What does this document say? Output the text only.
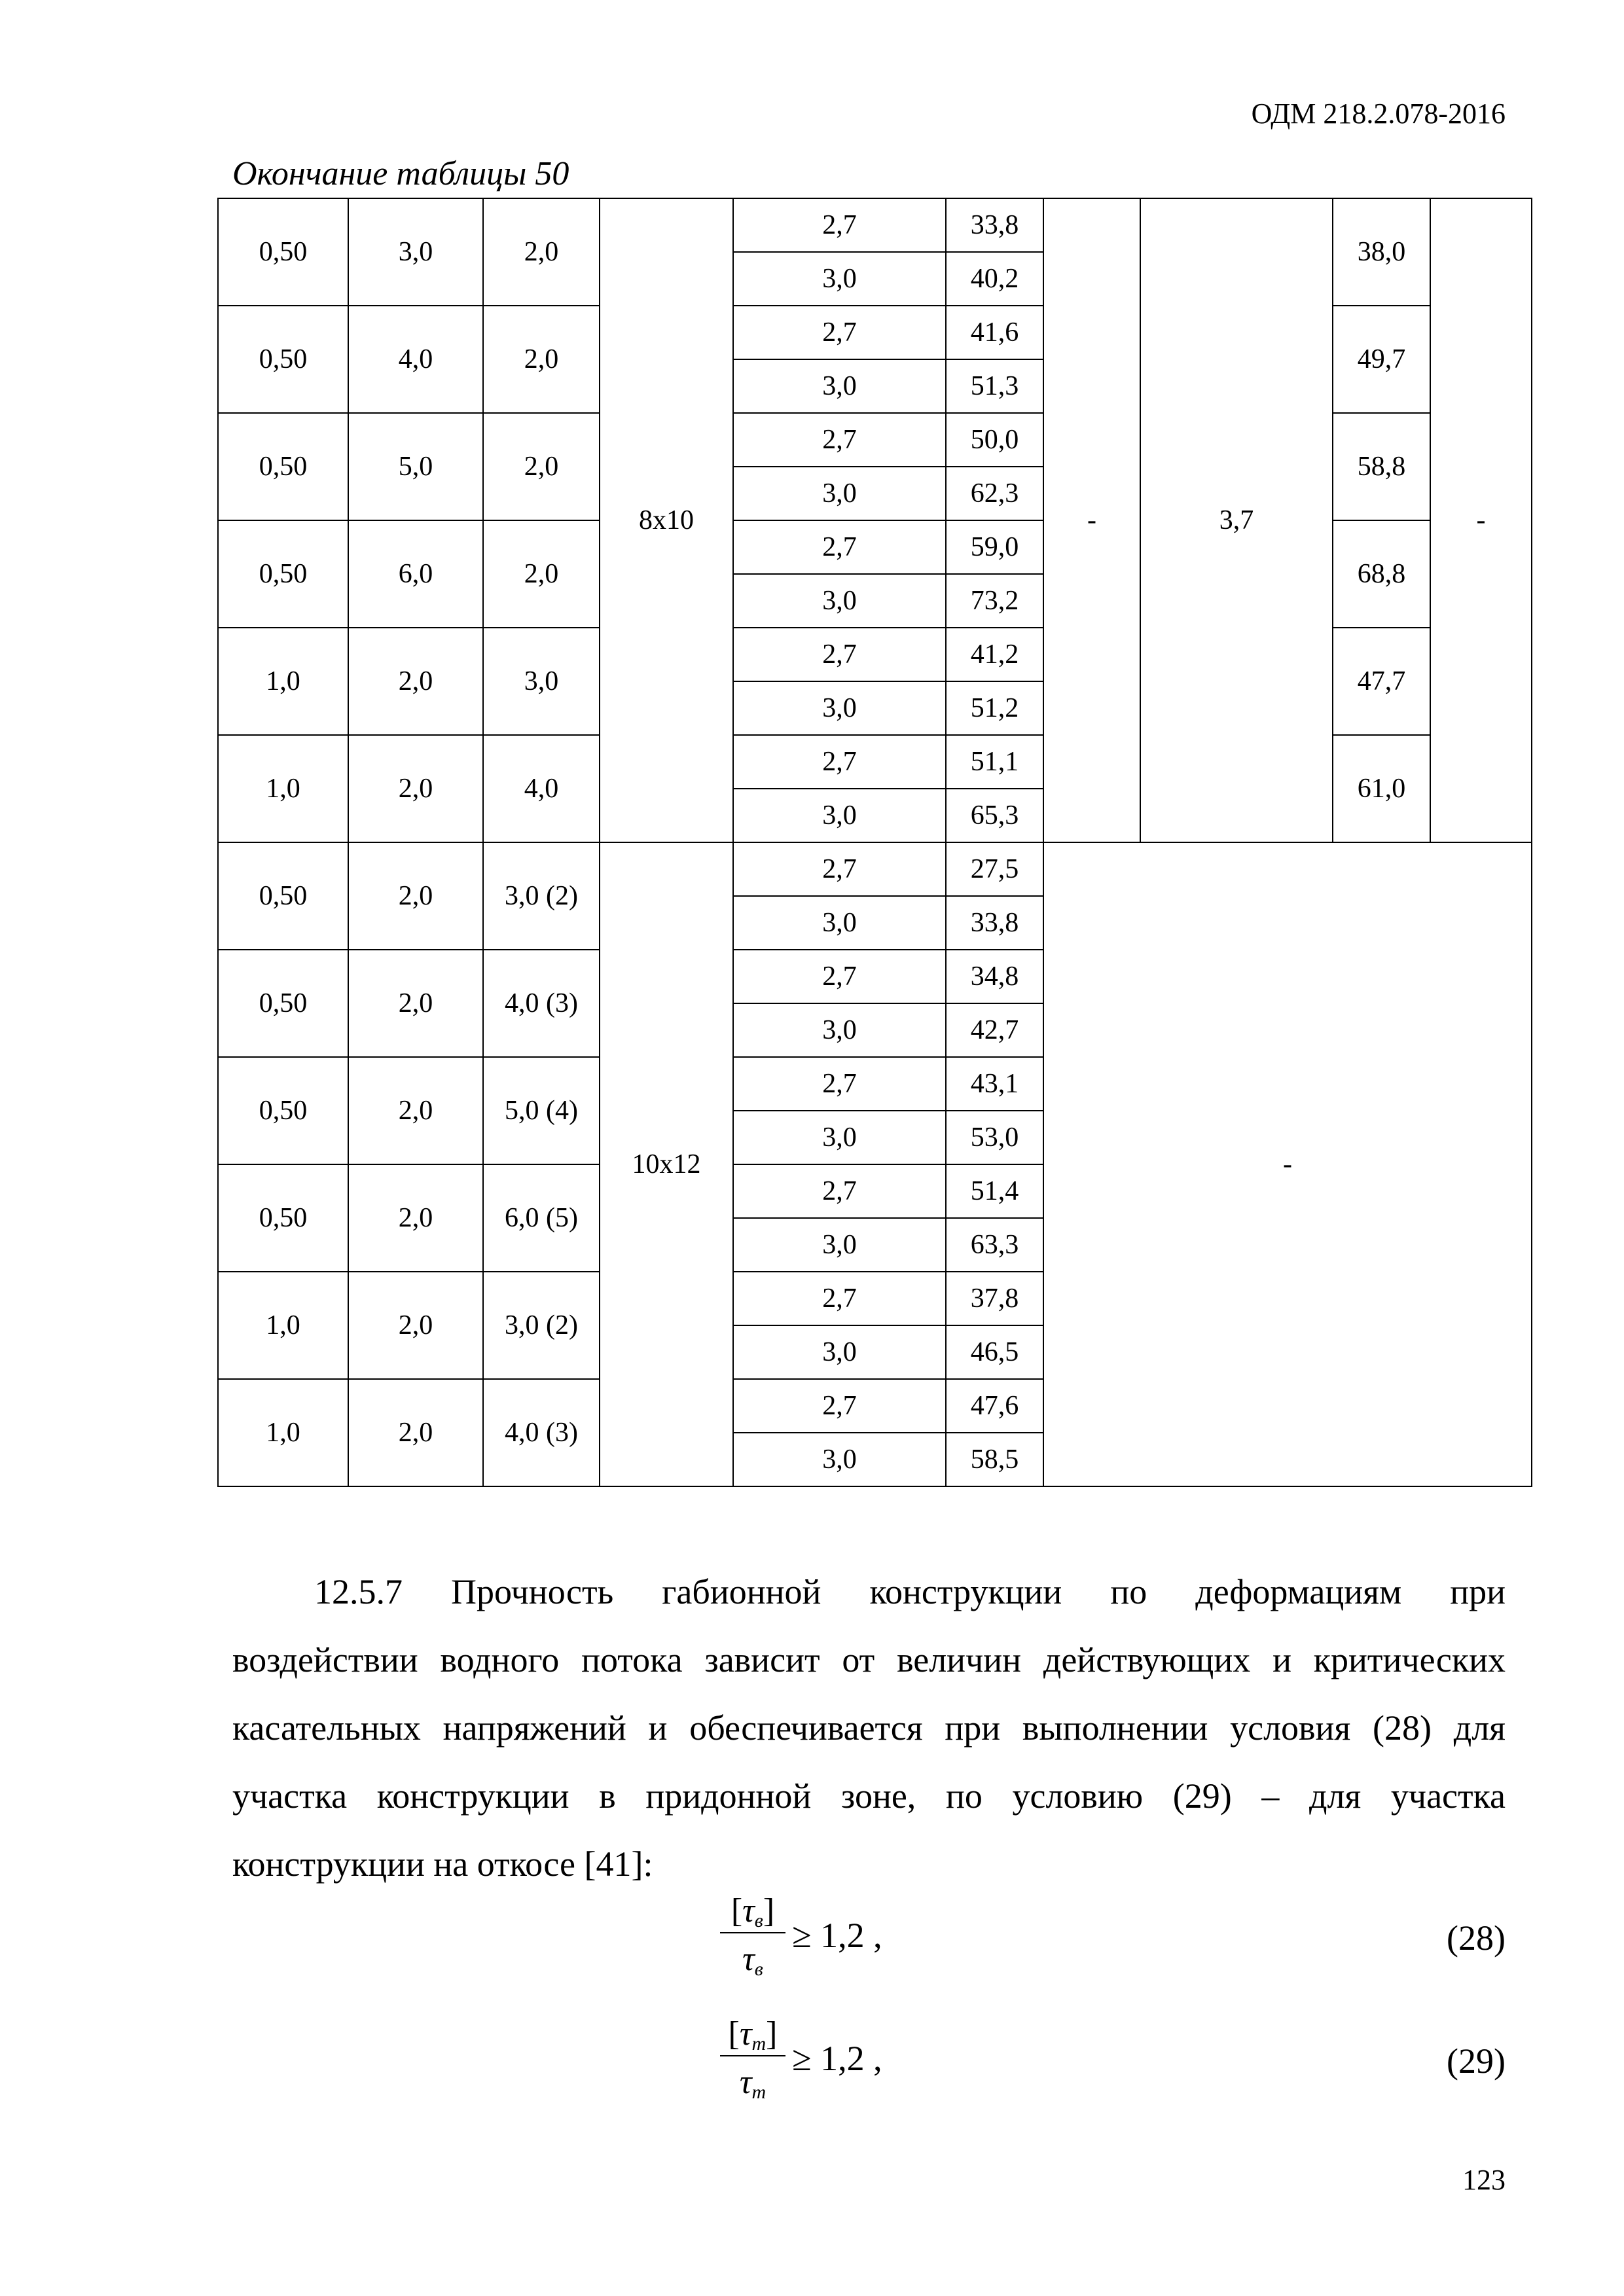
ОДМ 218.2.078-2016
Окончание таблицы 50
0,50	3,0	2,0	8х10	2,7	33,8	-	3,7	38,0	-
				3,0	40,2				
0,50	4,0	2,0		2,7	41,6			49,7	
				3,0	51,3				
0,50	5,0	2,0		2,7	50,0			58,8	
				3,0	62,3				
0,50	6,0	2,0		2,7	59,0			68,8	
				3,0	73,2				
1,0	2,0	3,0		2,7	41,2			47,7	
				3,0	51,2				
1,0	2,0	4,0		2,7	51,1			61,0	
				3,0	65,3				
0,50	2,0	3,0 (2)	10х12	2,7	27,5	-			
				3,0	33,8				
0,50	2,0	4,0 (3)		2,7	34,8				
				3,0	42,7				
0,50	2,0	5,0 (4)		2,7	43,1				
				3,0	53,0				
0,50	2,0	6,0 (5)		2,7	51,4				
				3,0	63,3				
1,0	2,0	3,0 (2)		2,7	37,8				
				3,0	46,5				
1,0	2,0	4,0 (3)		2,7	47,6				
				3,0	58,5				
12.5.7 Прочность габионной конструкции по деформациям при
воздействии водного потока зависит от величин действующих и критических
касательных напряжений и обеспечивается при выполнении условия (28) для
участка конструкции в придонной зоне, по условию (29) – для участка
конструкции на откосе [41]:
$[\tau_в]$
$\tau_в$
≥ 1,2 ,	(28)
$[\tau_т]$
$\tau_т$
≥ 1,2 ,	(29)
123
